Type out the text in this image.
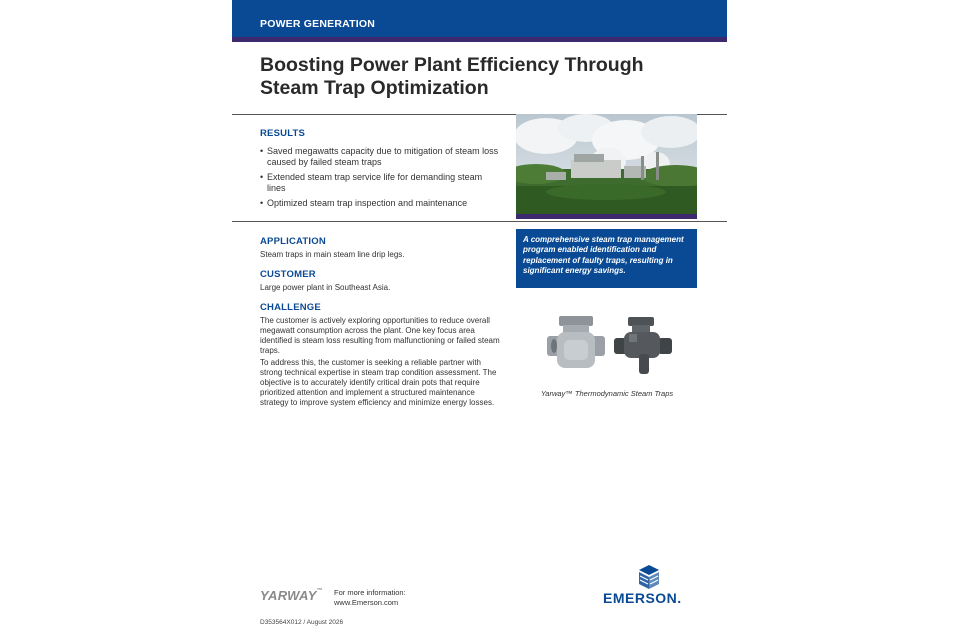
POWER GENERATION
Boosting Power Plant Efficiency Through Steam Trap Optimization
RESULTS
• Saved megawatts capacity due to mitigation of steam loss caused by failed steam traps
• Extended steam trap service life for demanding steam lines
• Optimized steam trap inspection and maintenance
A comprehensive steam trap management program enabled identification and replacement of faulty traps, resulting in significant energy savings.
APPLICATION
Steam traps in main steam line drip legs.
CUSTOMER
Large power plant in Southeast Asia.
CHALLENGE
The customer is actively exploring opportunities to reduce overall megawatt consumption across the plant. One key focus area identified is steam loss resulting from malfunctioning or failed steam traps.
To address this, the customer is seeking a reliable partner with strong technical expertise in steam trap condition assessment. The objective is to accurately identify critical drain pots that require prioritized attention and implement a structured maintenance strategy to improve system efficiency and minimize energy losses.
Yarway™ Thermodynamic Steam Traps
YARWAY™ For more information:
www.Emerson.com	EMERSON.
D353564X012 / August 2026
